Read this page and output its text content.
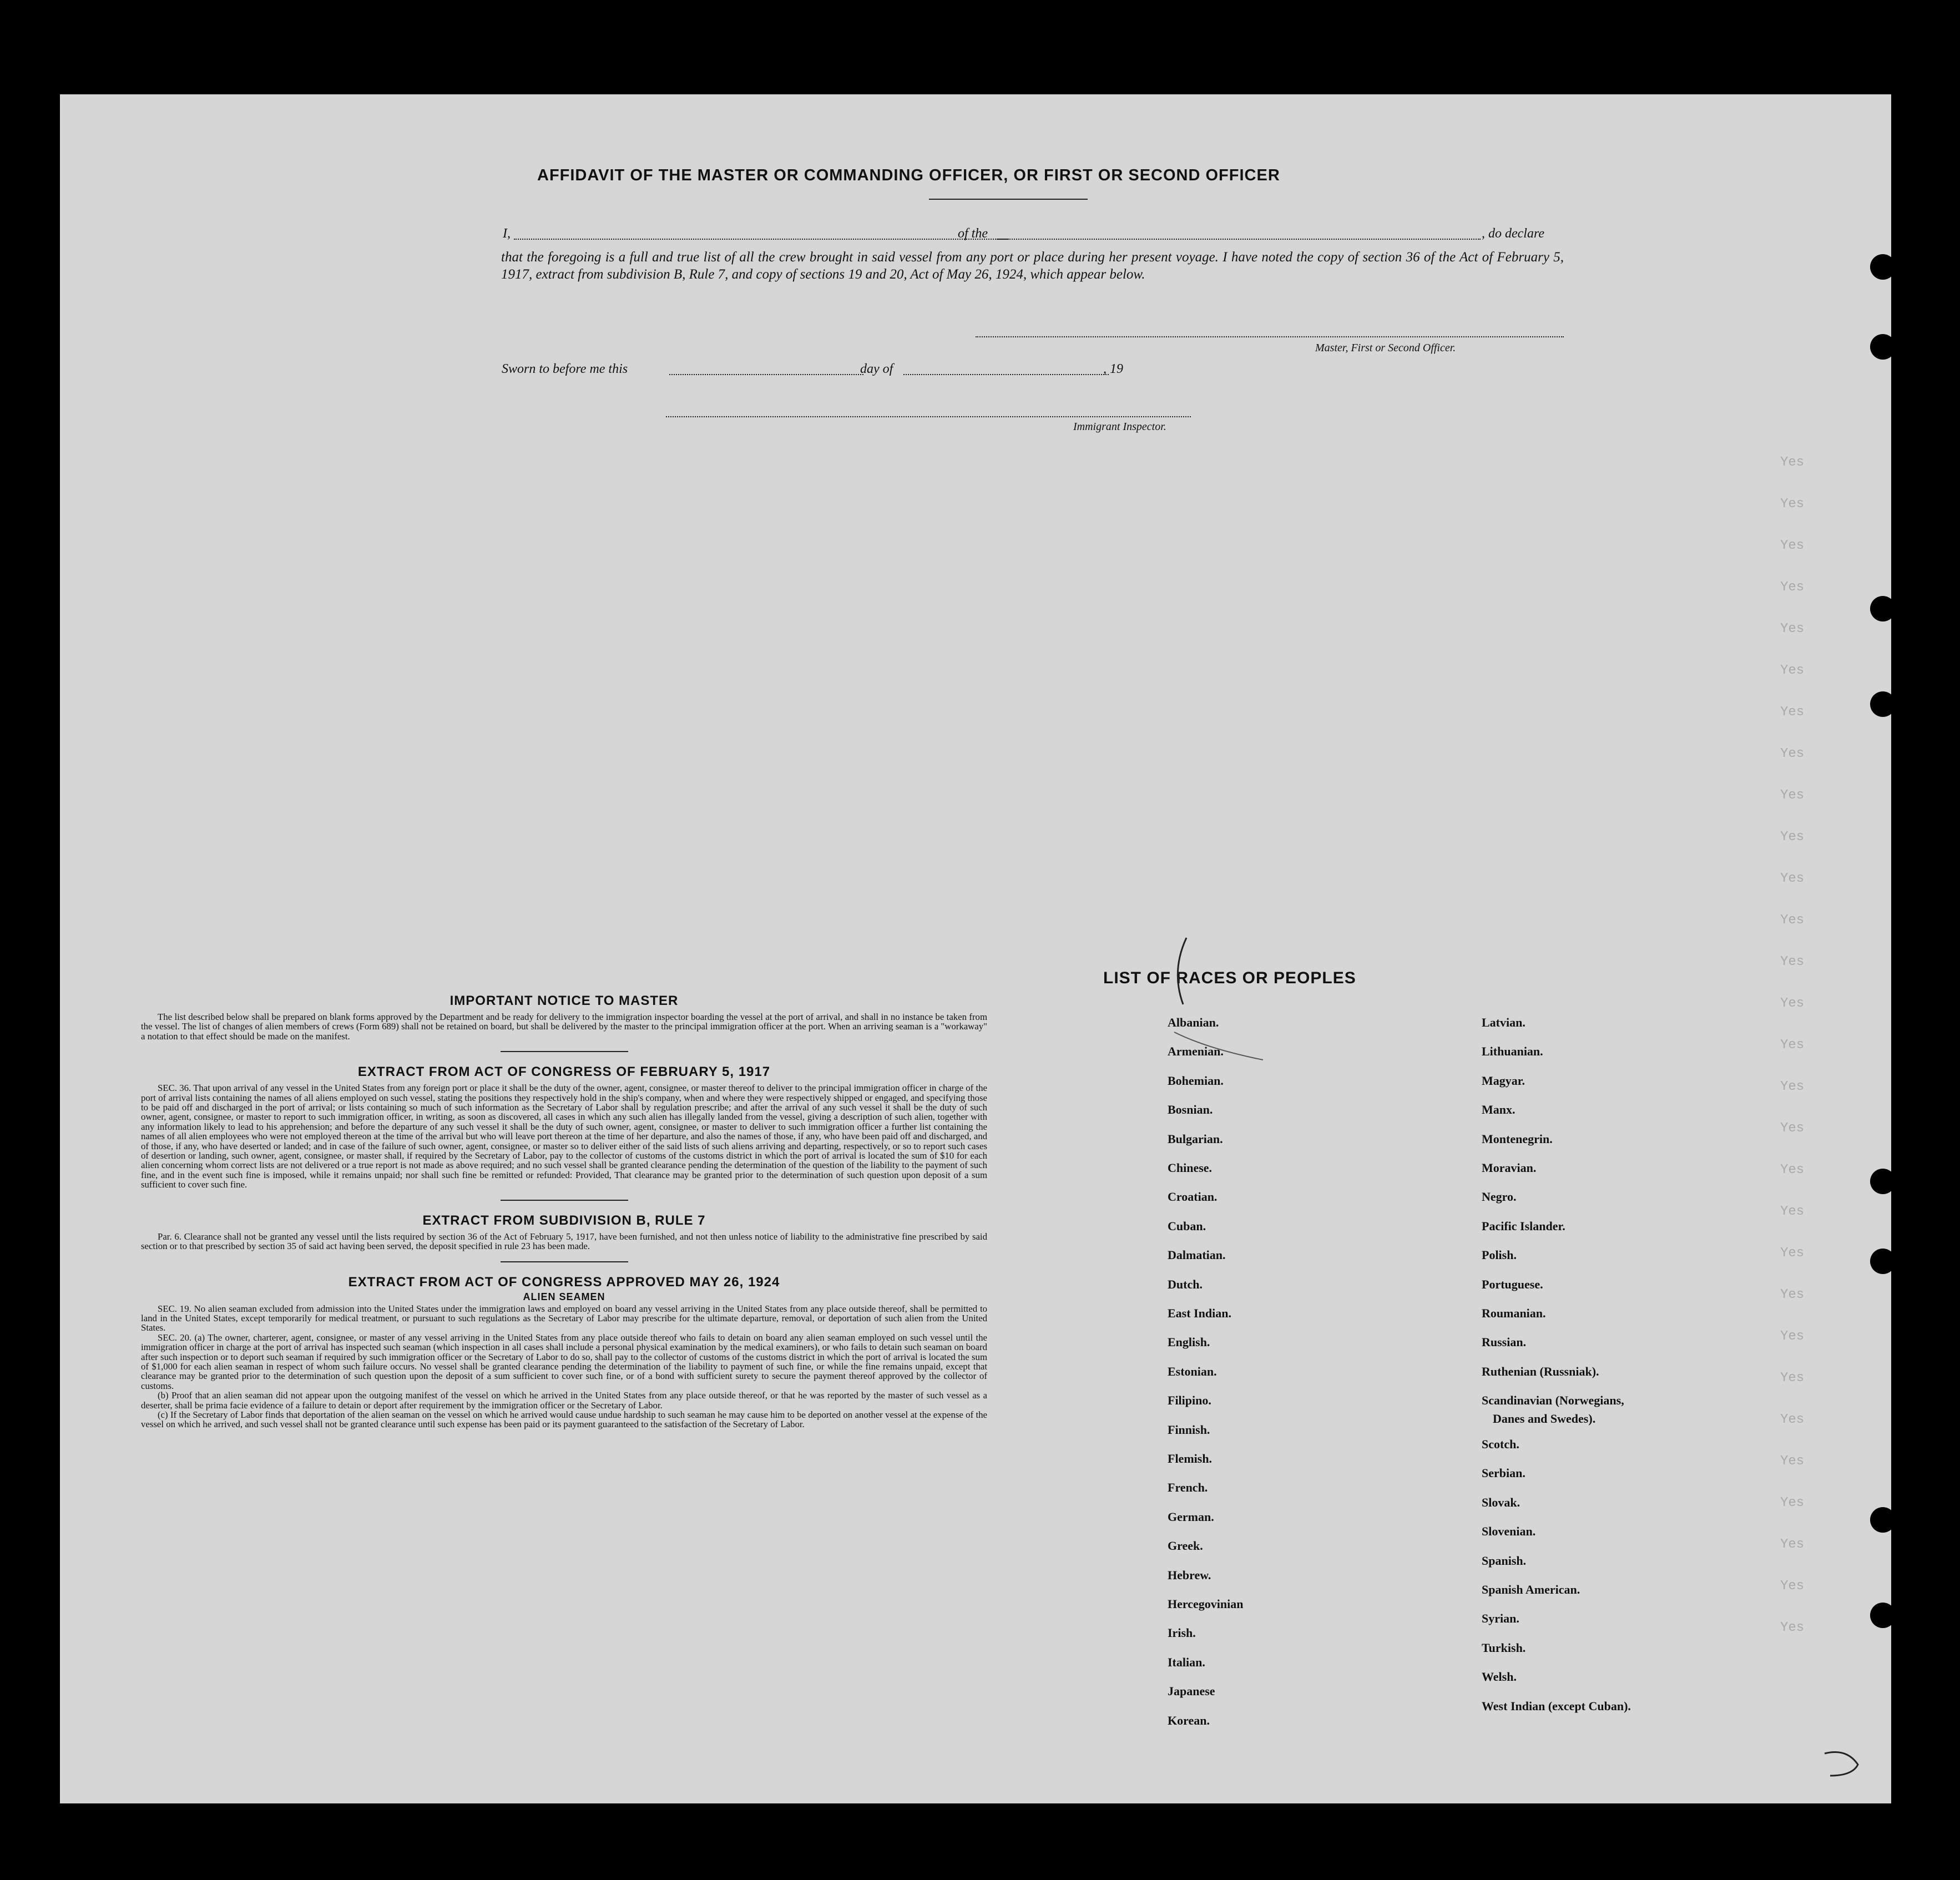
AFFIDAVIT OF THE MASTER OR COMMANDING OFFICER, OR FIRST OR SECOND OFFICER
I,	of the	, do declare
that the foregoing is a full and true list of all the crew brought in said vessel from any port or place during her present voyage. I have noted the copy of section 36 of the Act of February 5, 1917, extract from subdivision B, Rule 7, and copy of sections 19 and 20, Act of May 26, 1924, which appear below.
Master, First or Second Officer.
Sworn to before me this	day of	, 19
Immigrant Inspector.

IMPORTANT NOTICE TO MASTER

The list described below shall be prepared on blank forms approved by the Department and be ready for delivery to the immigration inspector boarding the vessel at the port of arrival, and shall in no instance be taken from the vessel. The list of changes of alien members of crews (Form 689) shall not be retained on board, but shall be delivered by the master to the principal immigration officer at the port. When an arriving seaman is a "workaway" a notation to that effect should be made on the manifest.

EXTRACT FROM ACT OF CONGRESS OF FEBRUARY 5, 1917

SEC. 36. That upon arrival of any vessel in the United States from any foreign port or place it shall be the duty of the owner, agent, consignee, or master thereof to deliver to the principal immigration officer in charge of the port of arrival lists containing the names of all aliens employed on such vessel, stating the positions they respectively hold in the ship's company, when and where they were respectively shipped or engaged, and specifying those to be paid off and discharged in the port of arrival; or lists containing so much of such information as the Secretary of Labor shall by regulation prescribe; and after the arrival of any such vessel it shall be the duty of such owner, agent, consignee, or master to report to such immigration officer, in writing, as soon as discovered, all cases in which any such alien has illegally landed from the vessel, giving a description of such alien, together with any information likely to lead to his apprehension; and before the departure of any such vessel it shall be the duty of such owner, agent, consignee, or master to deliver to such immigration officer a further list containing the names of all alien employees who were not employed thereon at the time of the arrival but who will leave port thereon at the time of her departure, and also the names of those, if any, who have been paid off and discharged, and of those, if any, who have deserted or landed; and in case of the failure of such owner, agent, consignee, or master so to deliver either of the said lists of such aliens arriving and departing, respectively, or so to report such cases of desertion or landing, such owner, agent, consignee, or master shall, if required by the Secretary of Labor, pay to the collector of customs of the customs district in which the port of arrival is located the sum of $10 for each alien concerning whom correct lists are not delivered or a true report is not made as above required; and no such vessel shall be granted clearance pending the determination of the question of the liability to the payment of such fine, and in the event such fine is imposed, while it remains unpaid; nor shall such fine be remitted or refunded: Provided, That clearance may be granted prior to the determination of such question upon deposit of a sum sufficient to cover such fine.

EXTRACT FROM SUBDIVISION B, RULE 7

Par. 6. Clearance shall not be granted any vessel until the lists required by section 36 of the Act of February 5, 1917, have been furnished, and not then unless notice of liability to the administrative fine prescribed by said section or to that prescribed by section 35 of said act having been served, the deposit specified in rule 23 has been made.

EXTRACT FROM ACT OF CONGRESS APPROVED MAY 26, 1924

ALIEN SEAMEN

SEC. 19. No alien seaman excluded from admission into the United States under the immigration laws and employed on board any vessel arriving in the United States from any place outside thereof, shall be permitted to land in the United States, except temporarily for medical treatment, or pursuant to such regulations as the Secretary of Labor may prescribe for the ultimate departure, removal, or deportation of such alien from the United States.

SEC. 20. (a) The owner, charterer, agent, consignee, or master of any vessel arriving in the United States from any place outside thereof who fails to detain on board any alien seaman employed on such vessel until the immigration officer in charge at the port of arrival has inspected such seaman (which inspection in all cases shall include a personal physical examination by the medical examiners), or who fails to detain such seaman on board after such inspection or to deport such seaman if required by such immigration officer or the Secretary of Labor to do so, shall pay to the collector of customs of the customs district in which the port of arrival is located the sum of $1,000 for each alien seaman in respect of whom such failure occurs. No vessel shall be granted clearance pending the determination of the liability to payment of such fine, or while the fine remains unpaid, except that clearance may be granted prior to the determination of such question upon the deposit of a sum sufficient to cover such fine, or of a bond with sufficient surety to secure the payment thereof approved by the collector of customs.

(b) Proof that an alien seaman did not appear upon the outgoing manifest of the vessel on which he arrived in the United States from any place outside thereof, or that he was reported by the master of such vessel as a deserter, shall be prima facie evidence of a failure to detain or deport after requirement by the immigration officer or the Secretary of Labor.

(c) If the Secretary of Labor finds that deportation of the alien seaman on the vessel on which he arrived would cause undue hardship to such seaman he may cause him to be deported on another vessel at the expense of the vessel on which he arrived, and such vessel shall not be granted clearance until such expense has been paid or its payment guaranteed to the satisfaction of the Secretary of Labor.

LIST OF RACES OR PEOPLES
Danes and Swedes).
Albanian.
Armenian.
Bohemian.
Bosnian.
Bulgarian.
Chinese.
Croatian.
Cuban.
Dalmatian.
Dutch.
East Indian.
English.
Estonian.
Filipino.
Finnish.
Flemish.
French.
German.
Greek.
Hebrew.
Hercegovinian
Irish.
Italian.
Japanese
Korean.
Latvian.
Lithuanian.
Magyar.
Manx.
Montenegrin.
Moravian.
Negro.
Pacific Islander.
Polish.
Portuguese.
Roumanian.
Russian.
Ruthenian (Russniak).
Scandinavian (Norwegians,
Scotch.
Serbian.
Slovak.
Slovenian.
Spanish.
Spanish American.
Syrian.
Turkish.
Welsh.
West Indian (except Cuban).
Yes
Yes
Yes
Yes
Yes
Yes
Yes
Yes
Yes
Yes
Yes
Yes
Yes
Yes
Yes
Yes
Yes
Yes
Yes
Yes
Yes
Yes
Yes
Yes
Yes
Yes
Yes
Yes
Yes
